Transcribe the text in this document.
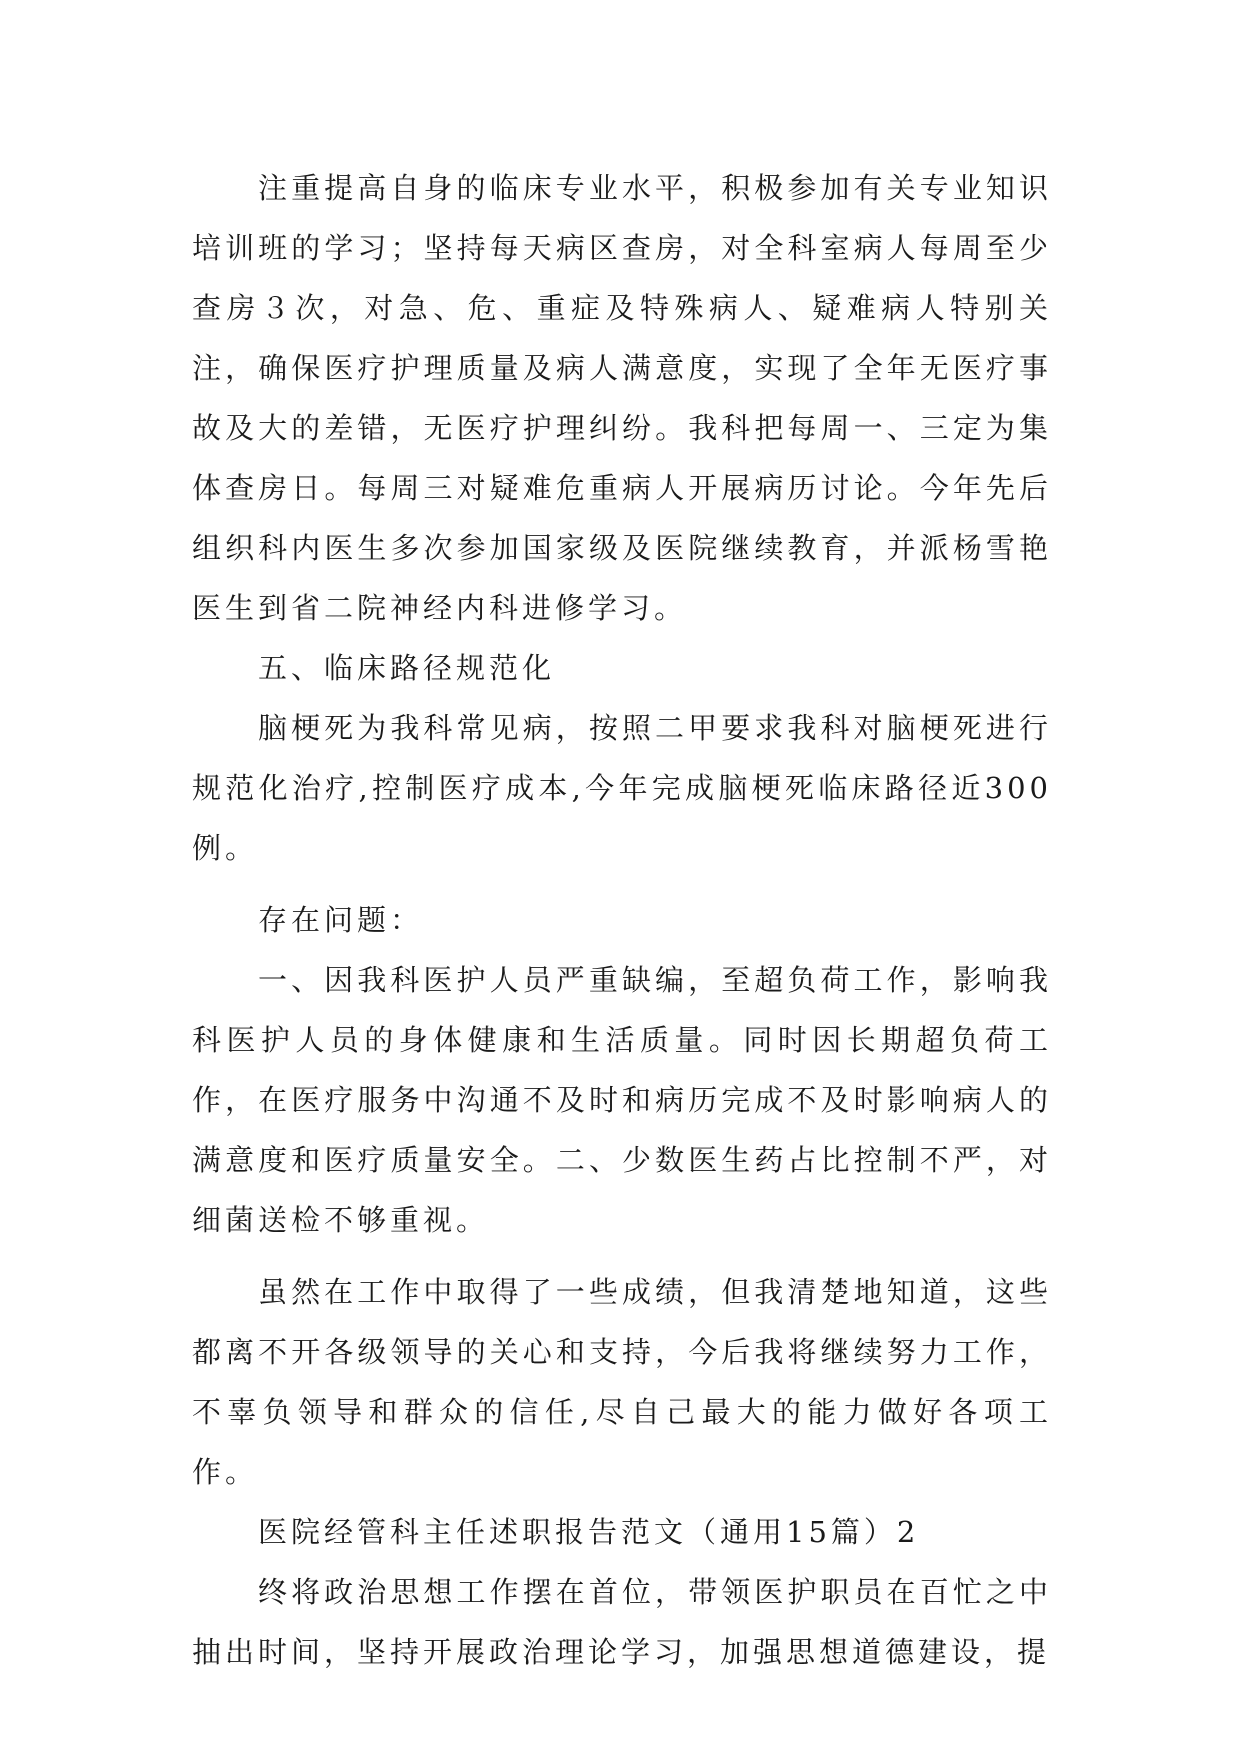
注重提高自身的临床专业水平，积极参加有关专业知识培训班的学习；坚持每天病区查房，对全科室病人每周至少查房３次，对急、危、重症及特殊病人、疑难病人特别关注，确保医疗护理质量及病人满意度，实现了全年无医疗事故及大的差错，无医疗护理纠纷。我科把每周一、三定为集体查房日。每周三对疑难危重病人开展病历讨论。今年先后组织科内医生多次参加国家级及医院继续教育，并派杨雪艳医生到省二院神经内科进修学习。

五、临床路径规范化

脑梗死为我科常见病，按照二甲要求我科对脑梗死进行规范化治疗,控制医疗成本,今年完成脑梗死临床路径近300例。

存在问题：

一、因我科医护人员严重缺编，至超负荷工作，影响我科医护人员的身体健康和生活质量。同时因长期超负荷工作，在医疗服务中沟通不及时和病历完成不及时影响病人的满意度和医疗质量安全。二、少数医生药占比控制不严，对细菌送检不够重视。

虽然在工作中取得了一些成绩，但我清楚地知道，这些都离不开各级领导的关心和支持，今后我将继续努力工作，不辜负领导和群众的信任,尽自己最大的能力做好各项工作。

医院经管科主任述职报告范文（通用15篇）2

终将政治思想工作摆在首位，带领医护职员在百忙之中抽出时间，坚持开展政治理论学习，加强思想道德建设，提
